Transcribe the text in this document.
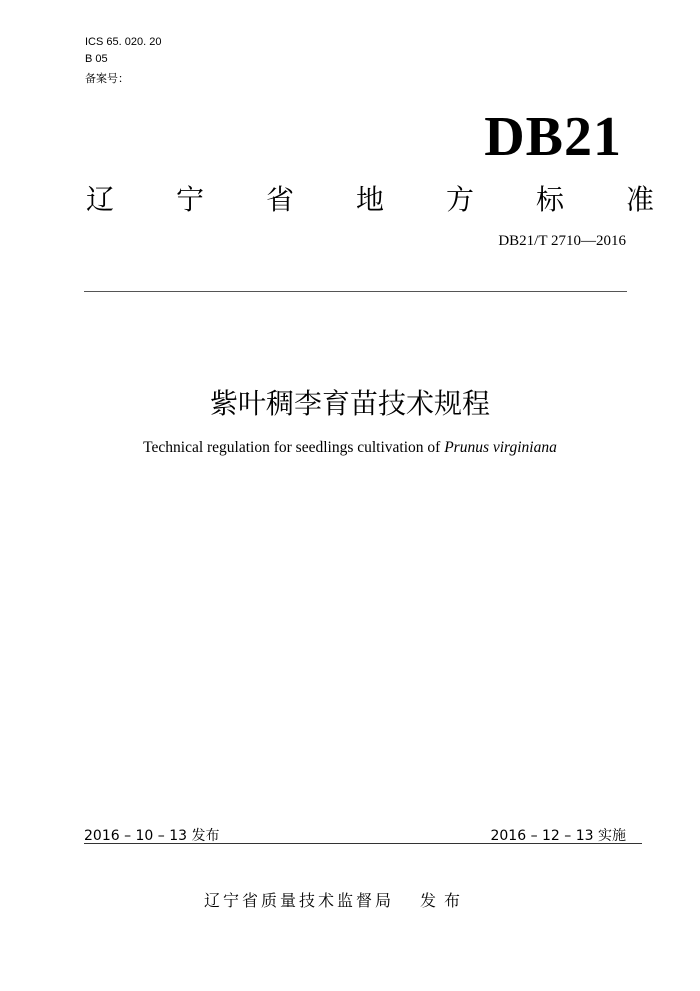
ICS 65. 020. 20
B 05
备案号：
DB21
辽 宁 省 地 方 标 准
DB21/T 2710—2016
紫叶稠李育苗技术规程
Technical regulation for seedlings cultivation of Prunus virginiana
2016 – 10 – 13 发布	2016 – 12 – 13 实施
辽宁省质量技术监督局 发布
